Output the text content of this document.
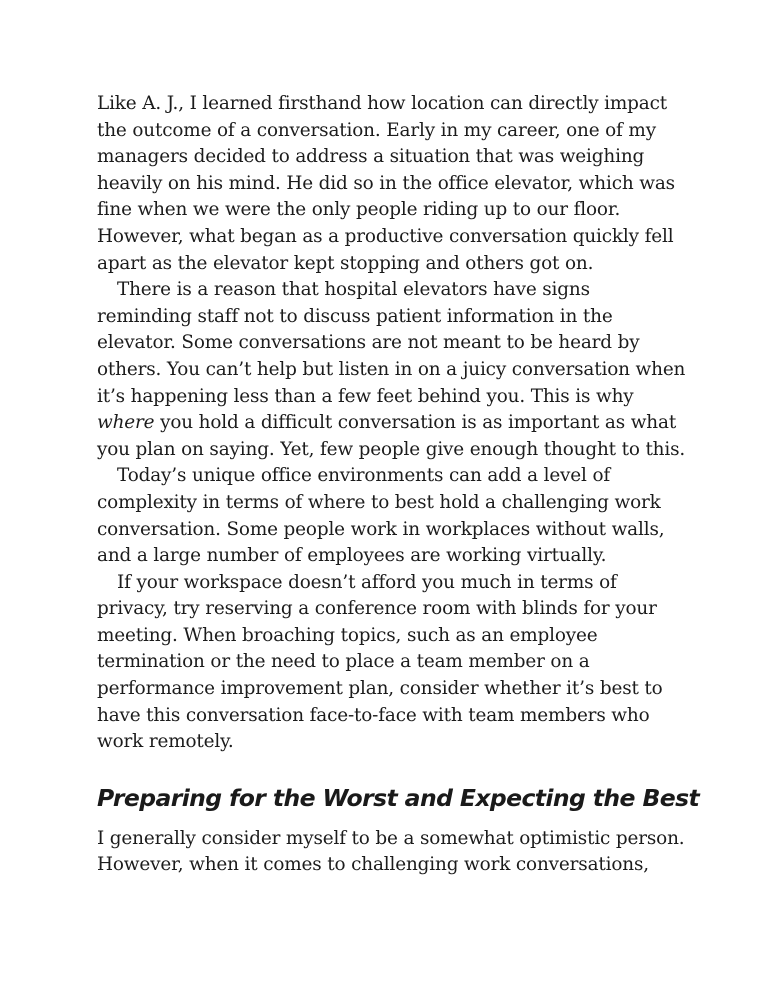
Like A. J., I learned firsthand how location can directly impact
the outcome of a conversation. Early in my career, one of my
managers decided to address a situation that was weighing
heavily on his mind. He did so in the office elevator, which was
fine when we were the only people riding up to our floor.
However, what began as a productive conversation quickly fell
apart as the elevator kept stopping and others got on.

There is a reason that hospital elevators have signs
reminding staff not to discuss patient information in the
elevator. Some conversations are not meant to be heard by
others. You can’t help but listen in on a juicy conversation when
it’s happening less than a few feet behind you. This is why
where you hold a difficult conversation is as important as what
you plan on saying. Yet, few people give enough thought to this.

Today’s unique office environments can add a level of
complexity in terms of where to best hold a challenging work
conversation. Some people work in workplaces without walls,
and a large number of employees are working virtually.

If your workspace doesn’t afford you much in terms of
privacy, try reserving a conference room with blinds for your
meeting. When broaching topics, such as an employee
termination or the need to place a team member on a
performance improvement plan, consider whether it’s best to
have this conversation face-to-face with team members who
work remotely.

Preparing for the Worst and Expecting the Best

I generally consider myself to be a somewhat optimistic person.
However, when it comes to challenging work conversations,
